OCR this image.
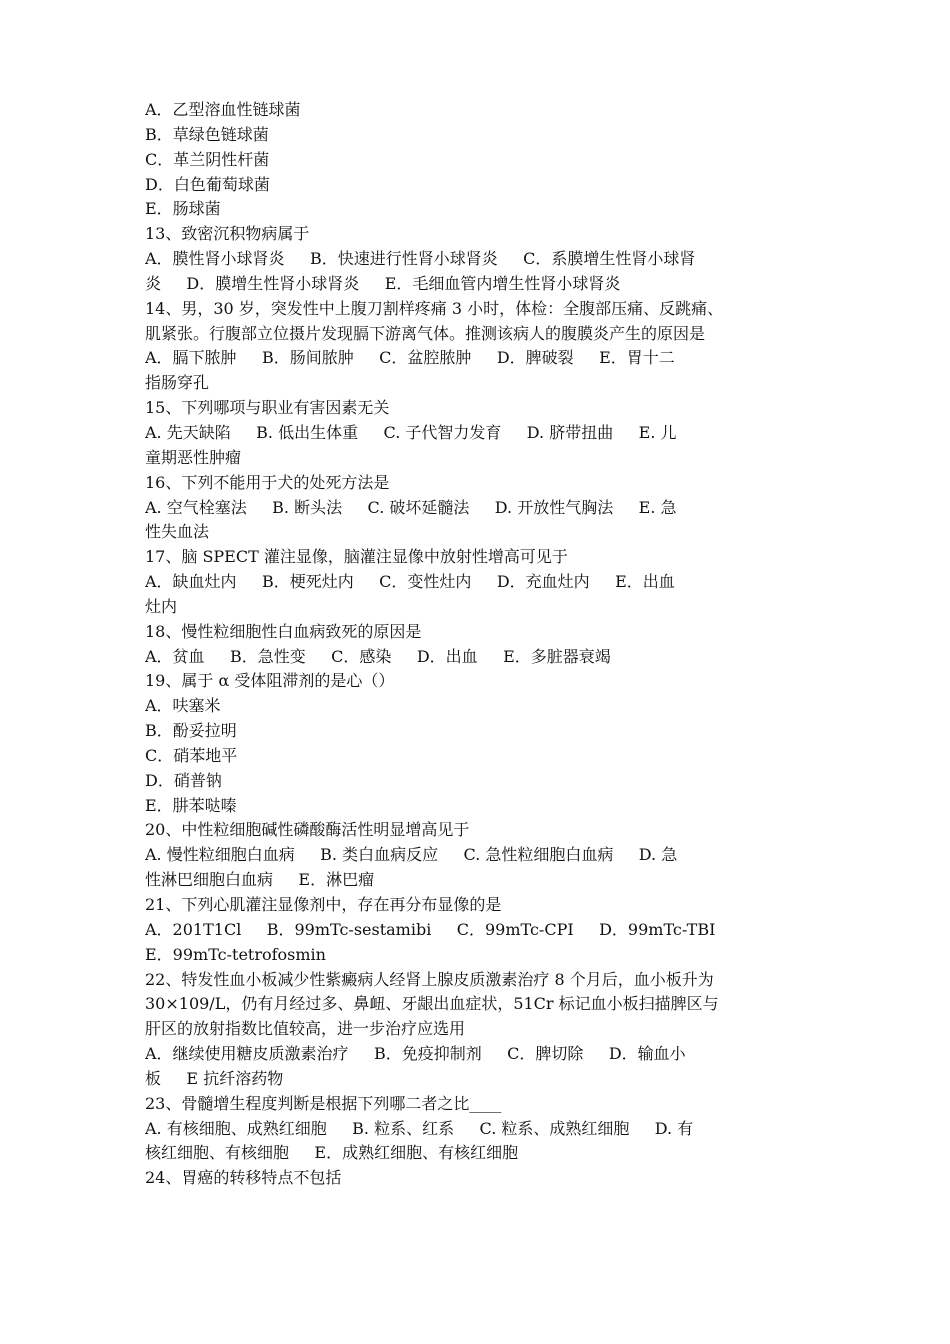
A．乙型溶血性链球菌
B．草绿色链球菌
C．革兰阴性杆菌
D．白色葡萄球菌
E．肠球菌
13、致密沉积物病属于
A．膜性肾小球肾炎     B．快速进行性肾小球肾炎     C．系膜增生性肾小球肾
炎     D．膜增生性肾小球肾炎     E．毛细血管内增生性肾小球肾炎
14、男，30 岁，突发性中上腹刀割样疼痛 3 小时，体检：全腹部压痛、反跳痛、
肌紧张。行腹部立位摄片发现膈下游离气体。推测该病人的腹膜炎产生的原因是
A．膈下脓肿     B．肠间脓肿     C．盆腔脓肿     D．脾破裂     E．胃十二
指肠穿孔
15、下列哪项与职业有害因素无关
A. 先天缺陷     B. 低出生体重     C. 子代智力发育     D. 脐带扭曲     E. 儿
童期恶性肿瘤
16、下列不能用于犬的处死方法是
A. 空气栓塞法     B. 断头法     C. 破坏延髓法     D. 开放性气胸法     E. 急
性失血法
17、脑 SPECT 灌注显像，脑灌注显像中放射性增高可见于
A．缺血灶内     B．梗死灶内     C．变性灶内     D．充血灶内     E．出血
灶内
18、慢性粒细胞性白血病致死的原因是
A．贫血     B．急性变     C．感染     D．出血     E．多脏器衰竭
19、属于 α 受体阻滞剂的是心（）
A．呋塞米
B．酚妥拉明
C．硝苯地平
D．硝普钠
E．肼苯哒嗪
20、中性粒细胞碱性磷酸酶活性明显增高见于
A. 慢性粒细胞白血病     B. 类白血病反应     C. 急性粒细胞白血病     D. 急
性淋巴细胞白血病     E．淋巴瘤
21、下列心肌灌注显像剂中，存在再分布显像的是
A．201T1Cl     B．99mTc-sestamibi     C．99mTc-CPI     D．99mTc-TBI
E．99mTc-tetrofosmin
22、特发性血小板减少性紫癜病人经肾上腺皮质激素治疗 8 个月后，血小板升为
30×109/L，仍有月经过多、鼻衄、牙龈出血症状，51Cr 标记血小板扫描脾区与
肝区的放射指数比值较高，进一步治疗应选用
A．继续使用糖皮质激素治疗     B．免疫抑制剂     C．脾切除     D．输血小
板     E 抗纤溶药物
23、骨髓增生程度判断是根据下列哪二者之比____
A. 有核细胞、成熟红细胞     B. 粒系、红系     C. 粒系、成熟红细胞     D. 有
核红细胞、有核细胞     E．成熟红细胞、有核红细胞
24、胃癌的转移特点不包括
